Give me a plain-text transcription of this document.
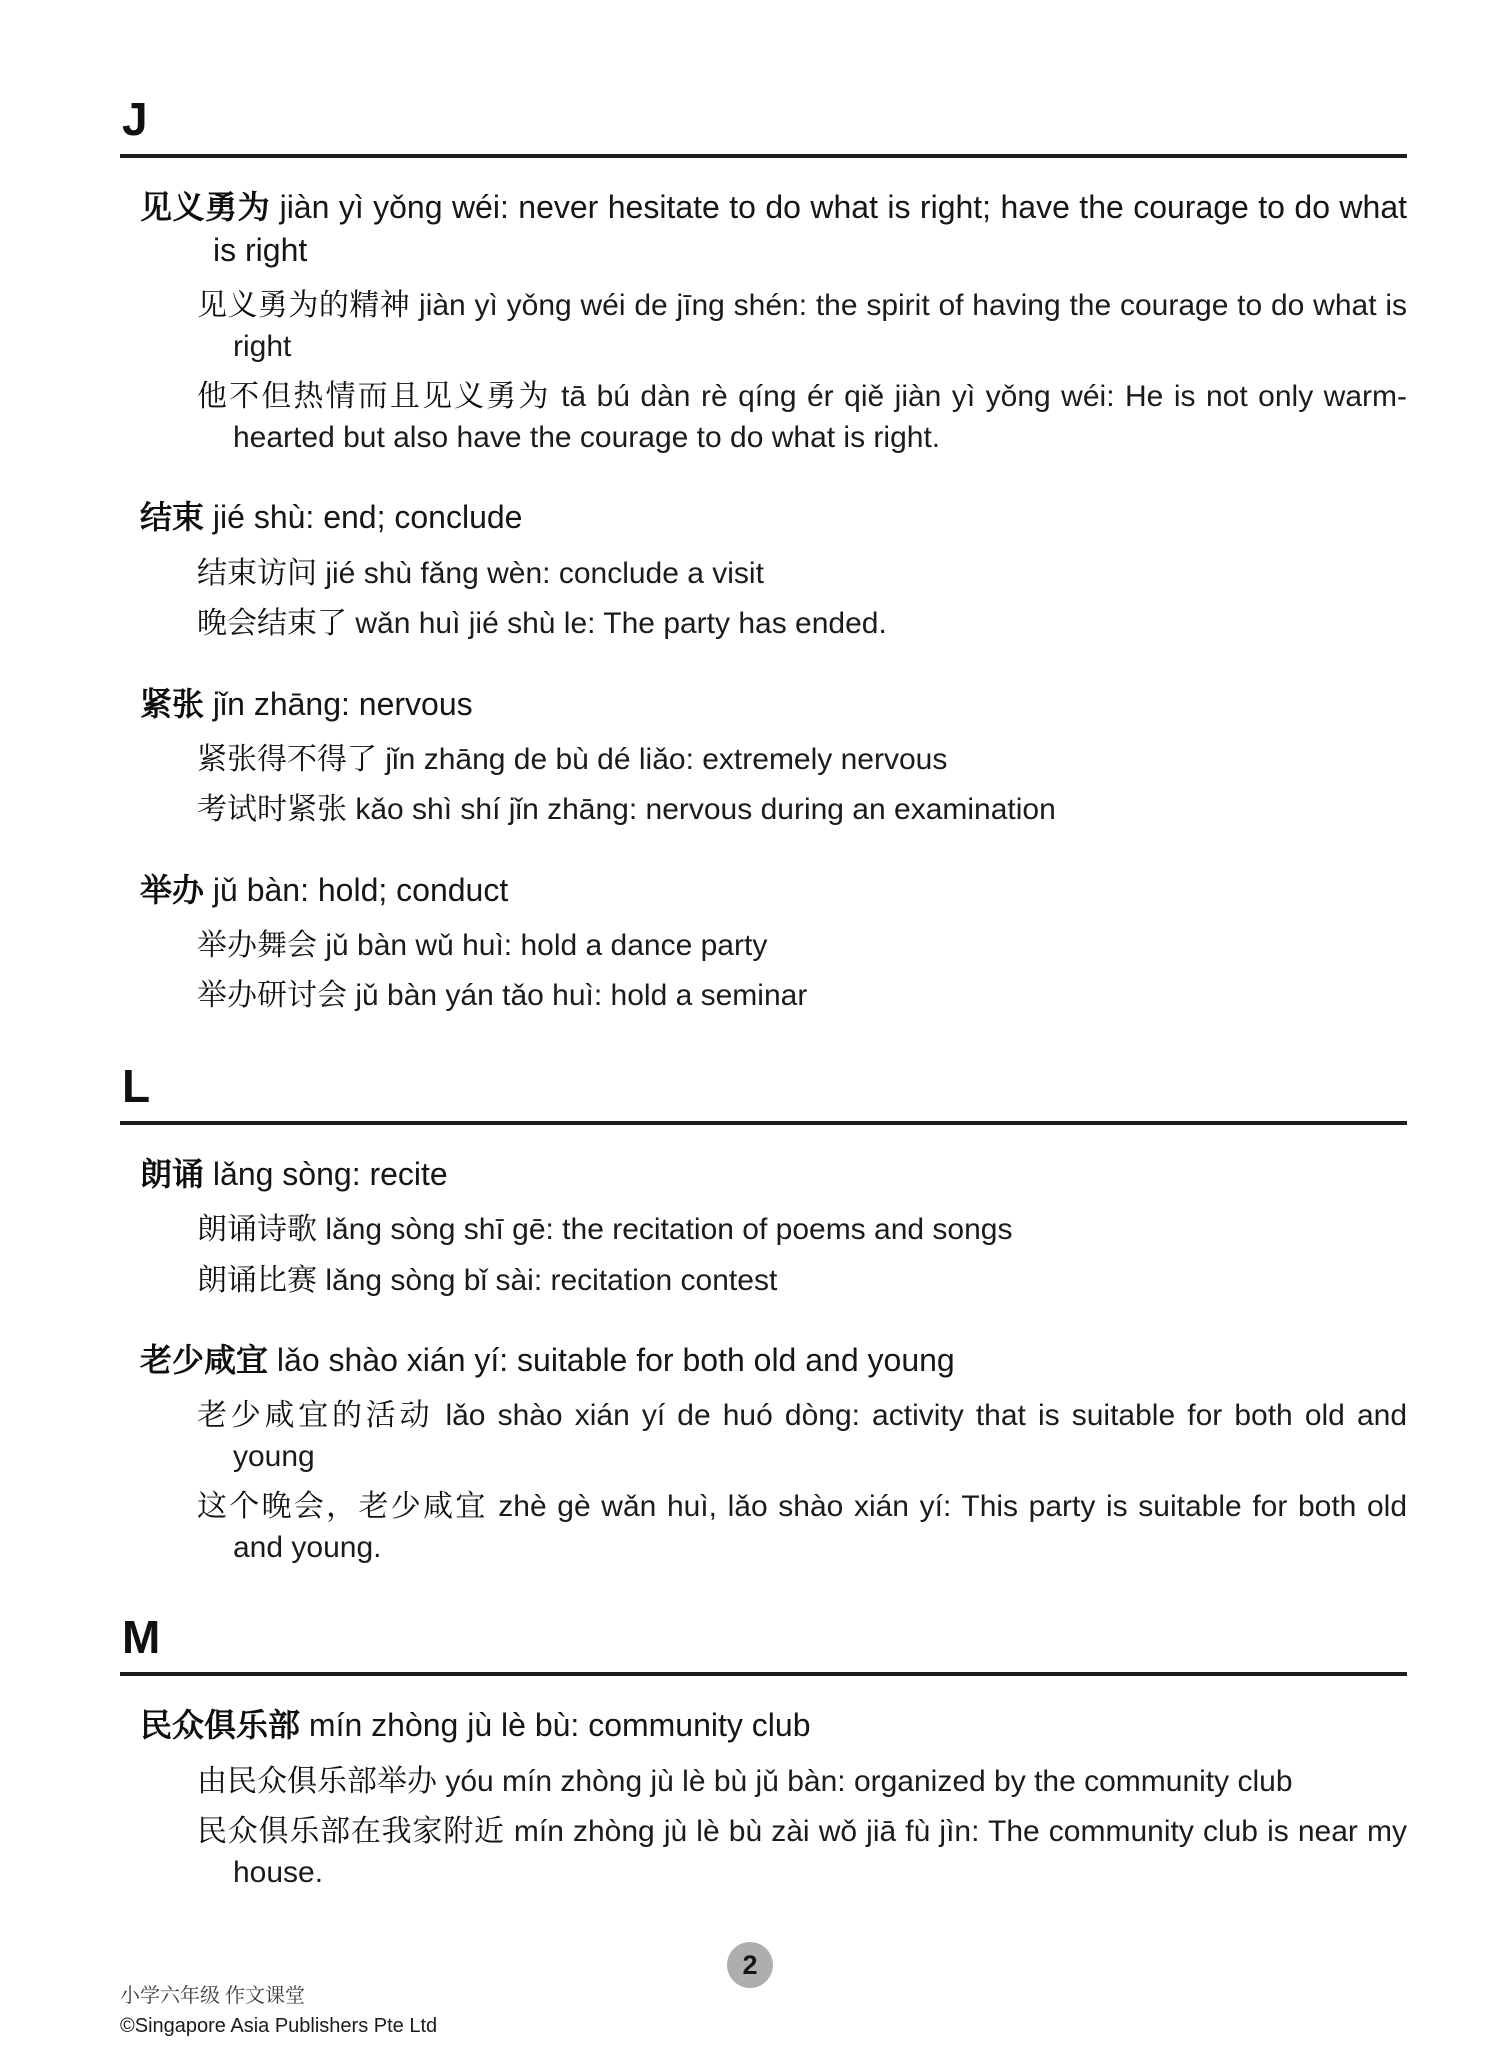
J

见义勇为 jiàn yì yǒng wéi: never hesitate to do what is right; have the courage to do what is right

见义勇为的精神 jiàn yì yǒng wéi de jīng shén: the spirit of having the courage to do what is right

他不但热情而且见义勇为 tā bú dàn rè qíng ér qiě jiàn yì yǒng wéi: He is not only warm-hearted but also have the courage to do what is right.

结束 jié shù: end; conclude

结束访问 jié shù fǎng wèn: conclude a visit

晚会结束了 wǎn huì jié shù le: The party has ended.

紧张 jǐn zhāng: nervous

紧张得不得了 jǐn zhāng de bù dé liǎo: extremely nervous

考试时紧张 kǎo shì shí jǐn zhāng: nervous during an examination

举办 jǔ bàn: hold; conduct

举办舞会 jǔ bàn wǔ huì: hold a dance party

举办研讨会 jǔ bàn yán tǎo huì: hold a seminar

L

朗诵 lǎng sòng: recite

朗诵诗歌 lǎng sòng shī gē: the recitation of poems and songs

朗诵比赛 lǎng sòng bǐ sài: recitation contest

老少咸宜 lǎo shào xián yí: suitable for both old and young

老少咸宜的活动 lǎo shào xián yí de huó dòng: activity that is suitable for both old and young

这个晚会，老少咸宜 zhè gè wǎn huì, lǎo shào xián yí: This party is suitable for both old and young.

M

民众俱乐部 mín zhòng jù lè bù: community club

由民众俱乐部举办 yóu mín zhòng jù lè bù jǔ bàn: organized by the community club

民众俱乐部在我家附近 mín zhòng jù lè bù zài wǒ jiā fù jìn: The community club is near my house.

2
小学六年级 作文课堂
©Singapore Asia Publishers Pte Ltd
